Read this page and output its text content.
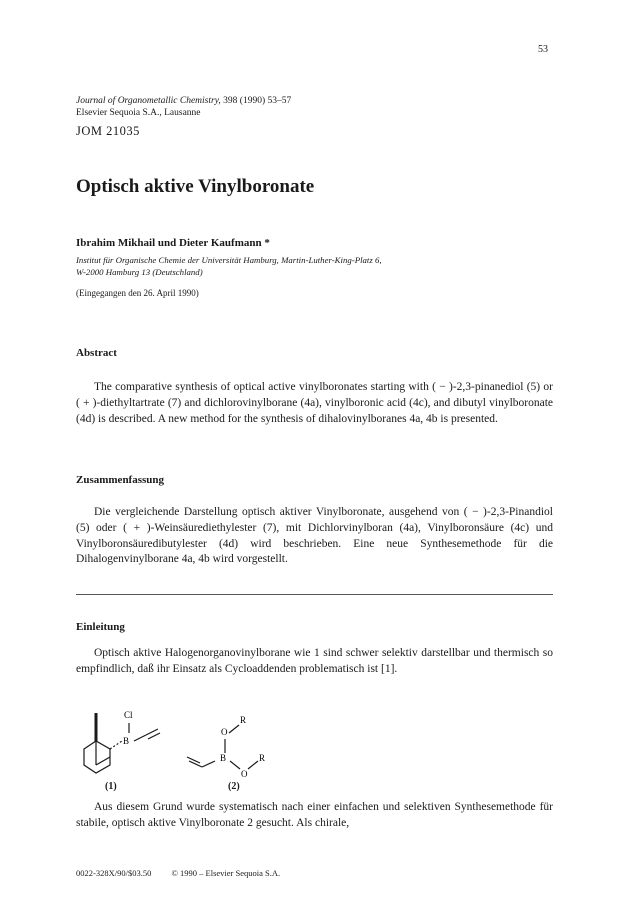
53
Journal of Organometallic Chemistry, 398 (1990) 53–57
Elsevier Sequoia S.A., Lausanne
JOM 21035
Optisch aktive Vinylboronate
Ibrahim Mikhail und Dieter Kaufmann *
Institut für Organische Chemie der Universität Hamburg, Martin-Luther-King-Platz 6,
W-2000 Hamburg 13 (Deutschland)
(Eingegangen den 26. April 1990)
Abstract

The comparative synthesis of optical active vinylboronates starting with ( − )-2,3-pinanediol (5) or ( + )-diethyltartrate (7) and dichlorovinylborane (4a), vinylboronic acid (4c), and dibutyl vinylboronate (4d) is described. A new method for the synthesis of dihalovinylboranes 4a, 4b is presented.

Zusammenfassung

Die vergleichende Darstellung optisch aktiver Vinylboronate, ausgehend von ( − )-2,3-Pinandiol (5) oder ( + )-Weinsäurediethylester (7), mit Dichlorvinylboran (4a), Vinylboronsäure (4c) und Vinylboronsäuredibutylester (4d) wird beschrieben. Eine neue Synthesemethode für die Dihalogenvinylborane 4a, 4b wird vorgestellt.

Einleitung

Optisch aktive Halogenorganovinylborane wie 1 sind schwer selektiv darstellbar und thermisch so empfindlich, daß ihr Einsatz als Cycloaddenden problematisch ist [1].

Cl
B
O
R
B
O
R
(1)	(2)

Aus diesem Grund wurde systematisch nach einer einfachen und selektiven Synthesemethode für stabile, optisch aktive Vinylboronate 2 gesucht. Als chirale,

0022-328X/90/$03.50 © 1990 – Elsevier Sequoia S.A.
